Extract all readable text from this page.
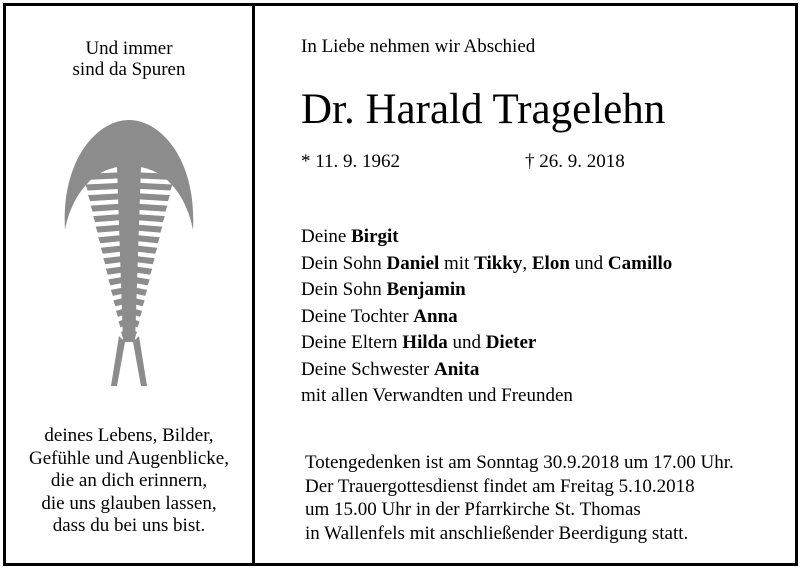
Und immer
sind da Spuren
deines Lebens, Bilder,
Gefühle und Augenblicke,
die an dich erinnern,
die uns glauben lassen,
dass du bei uns bist.
In Liebe nehmen wir Abschied
Dr. Harald Tragelehn
* 11. 9. 1962	† 26. 9. 2018
Deine Birgit
Dein Sohn Daniel mit Tikky, Elon und Camillo
Dein Sohn Benjamin
Deine Tochter Anna
Deine Eltern Hilda und Dieter
Deine Schwester Anita
mit allen Verwandten und Freunden
Totengedenken ist am Sonntag 30.9.2018 um 17.00 Uhr.
Der Trauergottesdienst findet am Freitag 5.10.2018
um 15.00 Uhr in der Pfarrkirche St. Thomas
in Wallenfels mit anschließender Beerdigung statt.
